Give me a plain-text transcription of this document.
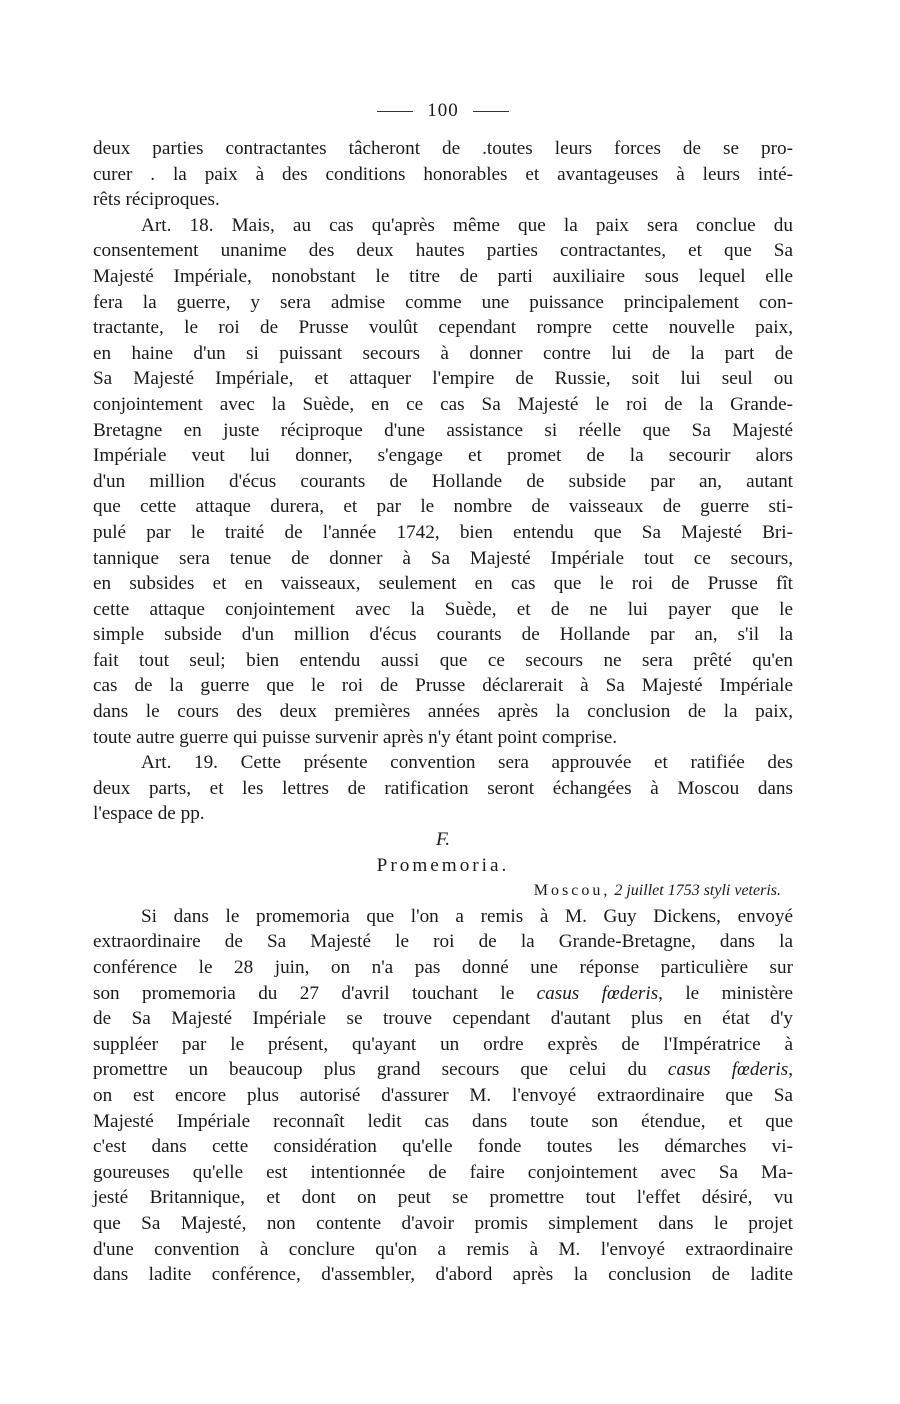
100
deux parties contractantes tâcheront de .toutes leurs forces de se pro-
curer . la paix à des conditions honorables et avantageuses à leurs inté-
rêts réciproques.
Art. 18. Mais, au cas qu'après même que la paix sera conclue du
consentement unanime des deux hautes parties contractantes, et que Sa
Majesté Impériale, nonobstant le titre de parti auxiliaire sous lequel elle
fera la guerre, y sera admise comme une puissance principalement con-
tractante, le roi de Prusse voulût cependant rompre cette nouvelle paix,
en haine d'un si puissant secours à donner contre lui de la part de
Sa Majesté Impériale, et attaquer l'empire de Russie, soit lui seul ou
conjointement avec la Suède, en ce cas Sa Majesté le roi de la Grande-
Bretagne en juste réciproque d'une assistance si réelle que Sa Majesté
Impériale veut lui donner, s'engage et promet de la secourir alors
d'un million d'écus courants de Hollande de subside par an, autant
que cette attaque durera, et par le nombre de vaisseaux de guerre sti-
pulé par le traité de l'année 1742, bien entendu que Sa Majesté Bri-
tannique sera tenue de donner à Sa Majesté Impériale tout ce secours,
en subsides et en vaisseaux, seulement en cas que le roi de Prusse fît
cette attaque conjointement avec la Suède, et de ne lui payer que le
simple subside d'un million d'écus courants de Hollande par an, s'il la
fait tout seul; bien entendu aussi que ce secours ne sera prêté qu'en
cas de la guerre que le roi de Prusse déclarerait à Sa Majesté Impériale
dans le cours des deux premières années après la conclusion de la paix,
toute autre guerre qui puisse survenir après n'y étant point comprise.
Art. 19. Cette présente convention sera approuvée et ratifiée des
deux parts, et les lettres de ratification seront échangées à Moscou dans
l'espace de pp.
F.
Promemoria.
Moscou, 2 juillet 1753 styli veteris.
Si dans le promemoria que l'on a remis à M. Guy Dickens, envoyé
extraordinaire de Sa Majesté le roi de la Grande-Bretagne, dans la
conférence le 28 juin, on n'a pas donné une réponse particulière sur
son promemoria du 27 d'avril touchant le casus fœderis, le ministère
de Sa Majesté Impériale se trouve cependant d'autant plus en état d'y
suppléer par le présent, qu'ayant un ordre exprès de l'Impératrice à
promettre un beaucoup plus grand secours que celui du casus fœderis,
on est encore plus autorisé d'assurer M. l'envoyé extraordinaire que Sa
Majesté Impériale reconnaît ledit cas dans toute son étendue, et que
c'est dans cette considération qu'elle fonde toutes les démarches vi-
goureuses qu'elle est intentionnée de faire conjointement avec Sa Ma-
jesté Britannique, et dont on peut se promettre tout l'effet désiré, vu
que Sa Majesté, non contente d'avoir promis simplement dans le projet
d'une convention à conclure qu'on a remis à M. l'envoyé extraordinaire
dans ladite conférence, d'assembler, d'abord après la conclusion de ladite
